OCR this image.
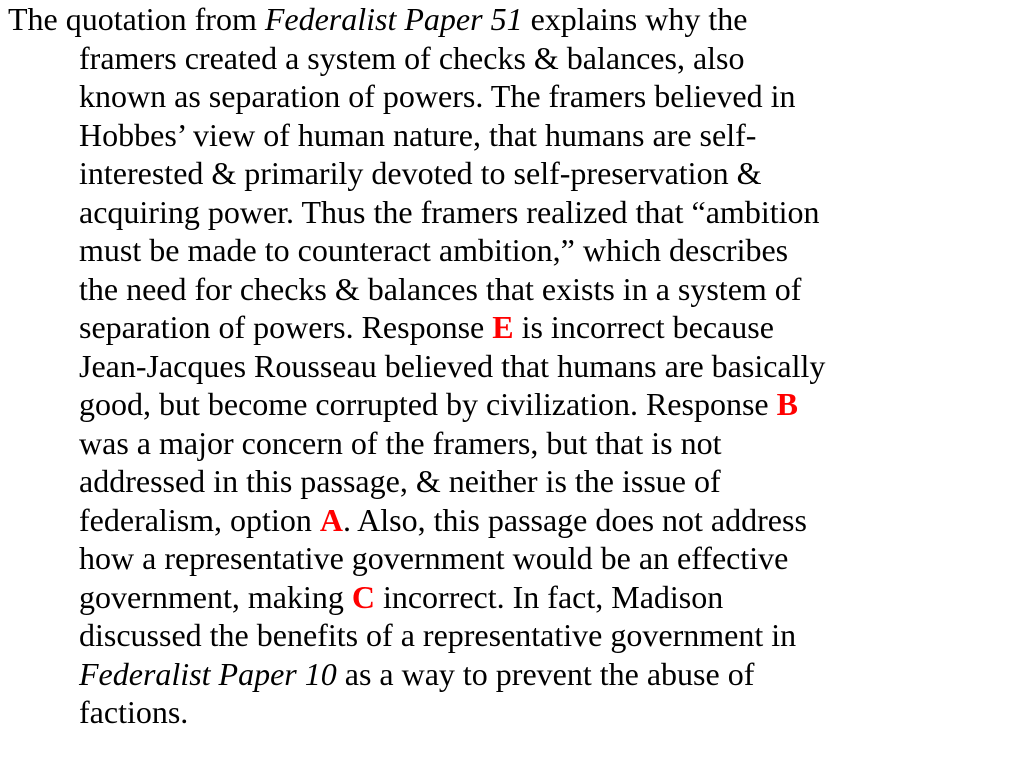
The quotation from Federalist Paper 51 explains why the
framers created a system of checks & balances, also
known as separation of powers. The framers believed in
Hobbes’ view of human nature, that humans are self-
interested & primarily devoted to self-preservation &
acquiring power. Thus the framers realized that “ambition
must be made to counteract ambition,” which describes
the need for checks & balances that exists in a system of
separation of powers. Response E is incorrect because
Jean-Jacques Rousseau believed that humans are basically
good, but become corrupted by civilization. Response B
was a major concern of the framers, but that is not
addressed in this passage, & neither is the issue of
federalism, option A. Also, this passage does not address
how a representative government would be an effective
government, making C incorrect. In fact, Madison
discussed the benefits of a representative government in
Federalist Paper 10 as a way to prevent the abuse of
factions.
